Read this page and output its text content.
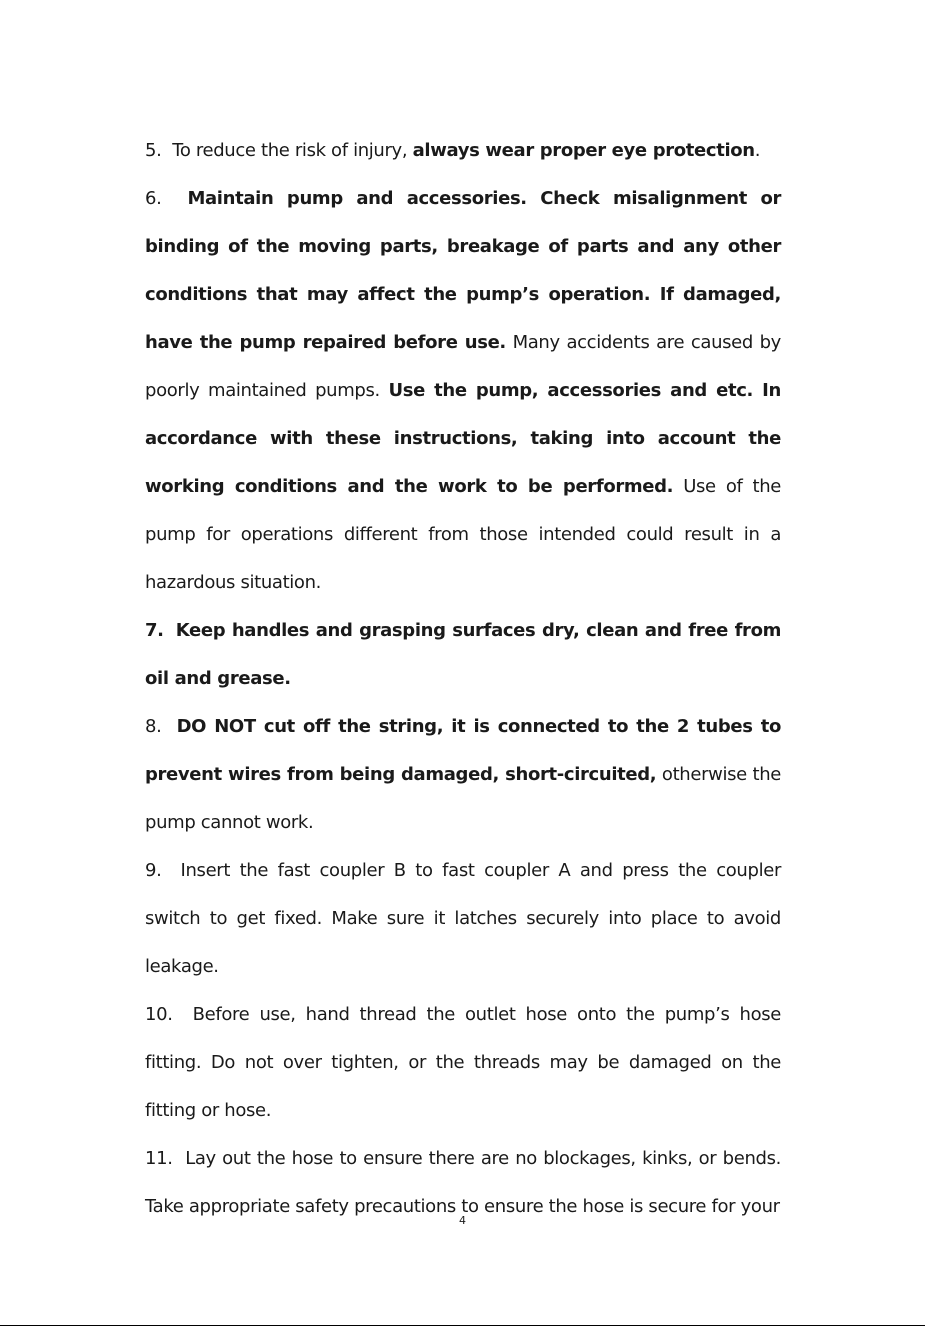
5. To reduce the risk of injury, always wear proper eye protection.

6. Maintain pump and accessories. Check misalignment or binding of the moving parts, breakage of parts and any other conditions that may affect the pump’s operation. If damaged, have the pump repaired before use. Many accidents are caused by poorly maintained pumps. Use the pump, accessories and etc. In accordance with these instructions, taking into account the working conditions and the work to be performed. Use of the pump for operations different from those intended could result in a hazardous situation.

7. Keep handles and grasping surfaces dry, clean and free from oil and grease.

8. DO NOT cut off the string, it is connected to the 2 tubes to prevent wires from being damaged, short-circuited, otherwise the pump cannot work.

9. Insert the fast coupler B to fast coupler A and press the coupler switch to get fixed. Make sure it latches securely into place to avoid leakage.

10. Before use, hand thread the outlet hose onto the pump’s hose fitting. Do not over tighten, or the threads may be damaged on the fitting or hose.

11. Lay out the hose to ensure there are no blockages, kinks, or bends. Take appropriate safety precautions to ensure the hose is secure for your

4
